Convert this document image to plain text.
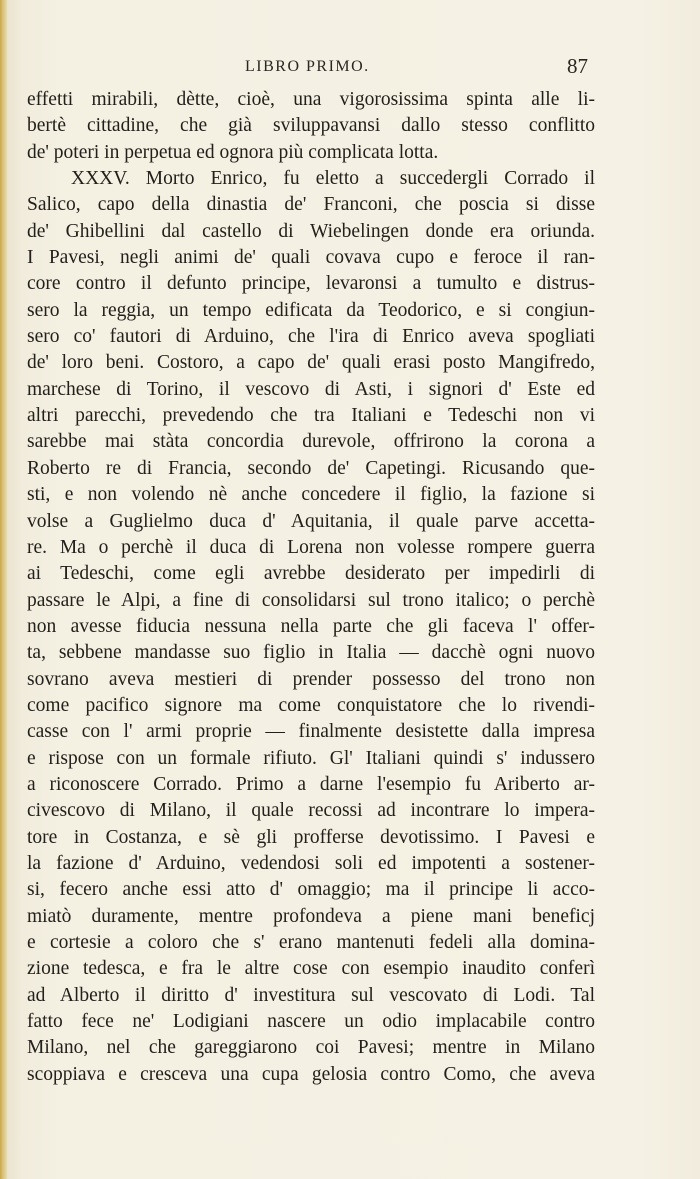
LIBRO PRIMO.	87
effetti mirabili, dètte, cioè, una vigorosissima spinta alle li-
bertè cittadine, che già sviluppavansi dallo stesso conflitto
de' poteri in perpetua ed ognora più complicata lotta.
XXXV. Morto Enrico, fu eletto a succedergli Corrado il
Salico, capo della dinastia de' Franconi, che poscia si disse
de' Ghibellini dal castello di Wiebelingen donde era oriunda.
I Pavesi, negli animi de' quali covava cupo e feroce il ran-
core contro il defunto principe, levaronsi a tumulto e distrus-
sero la reggia, un tempo edificata da Teodorico, e si congiun-
sero co' fautori di Arduino, che l'ira di Enrico aveva spogliati
de' loro beni. Costoro, a capo de' quali erasi posto Mangifredo,
marchese di Torino, il vescovo di Asti, i signori d' Este ed
altri parecchi, prevedendo che tra Italiani e Tedeschi non vi
sarebbe mai stàta concordia durevole, offrirono la corona a
Roberto re di Francia, secondo de' Capetingi. Ricusando que-
sti, e non volendo nè anche concedere il figlio, la fazione si
volse a Guglielmo duca d' Aquitania, il quale parve accetta-
re. Ma o perchè il duca di Lorena non volesse rompere guerra
ai Tedeschi, come egli avrebbe desiderato per impedirli di
passare le Alpi, a fine di consolidarsi sul trono italico; o perchè
non avesse fiducia nessuna nella parte che gli faceva l' offer-
ta, sebbene mandasse suo figlio in Italia — dacchè ogni nuovo
sovrano aveva mestieri di prender possesso del trono non
come pacifico signore ma come conquistatore che lo rivendi-
casse con l' armi proprie — finalmente desistette dalla impresa
e rispose con un formale rifiuto. Gl' Italiani quindi s' indussero
a riconoscere Corrado. Primo a darne l'esempio fu Ariberto ar-
civescovo di Milano, il quale recossi ad incontrare lo impera-
tore in Costanza, e sè gli profferse devotissimo. I Pavesi e
la fazione d' Arduino, vedendosi soli ed impotenti a sostener-
si, fecero anche essi atto d' omaggio; ma il principe li acco-
miatò duramente, mentre profondeva a piene mani beneficj
e cortesie a coloro che s' erano mantenuti fedeli alla domina-
zione tedesca, e fra le altre cose con esempio inaudito conferì
ad Alberto il diritto d' investitura sul vescovato di Lodi. Tal
fatto fece ne' Lodigiani nascere un odio implacabile contro
Milano, nel che gareggiarono coi Pavesi; mentre in Milano
scoppiava e cresceva una cupa gelosia contro Como, che aveva
